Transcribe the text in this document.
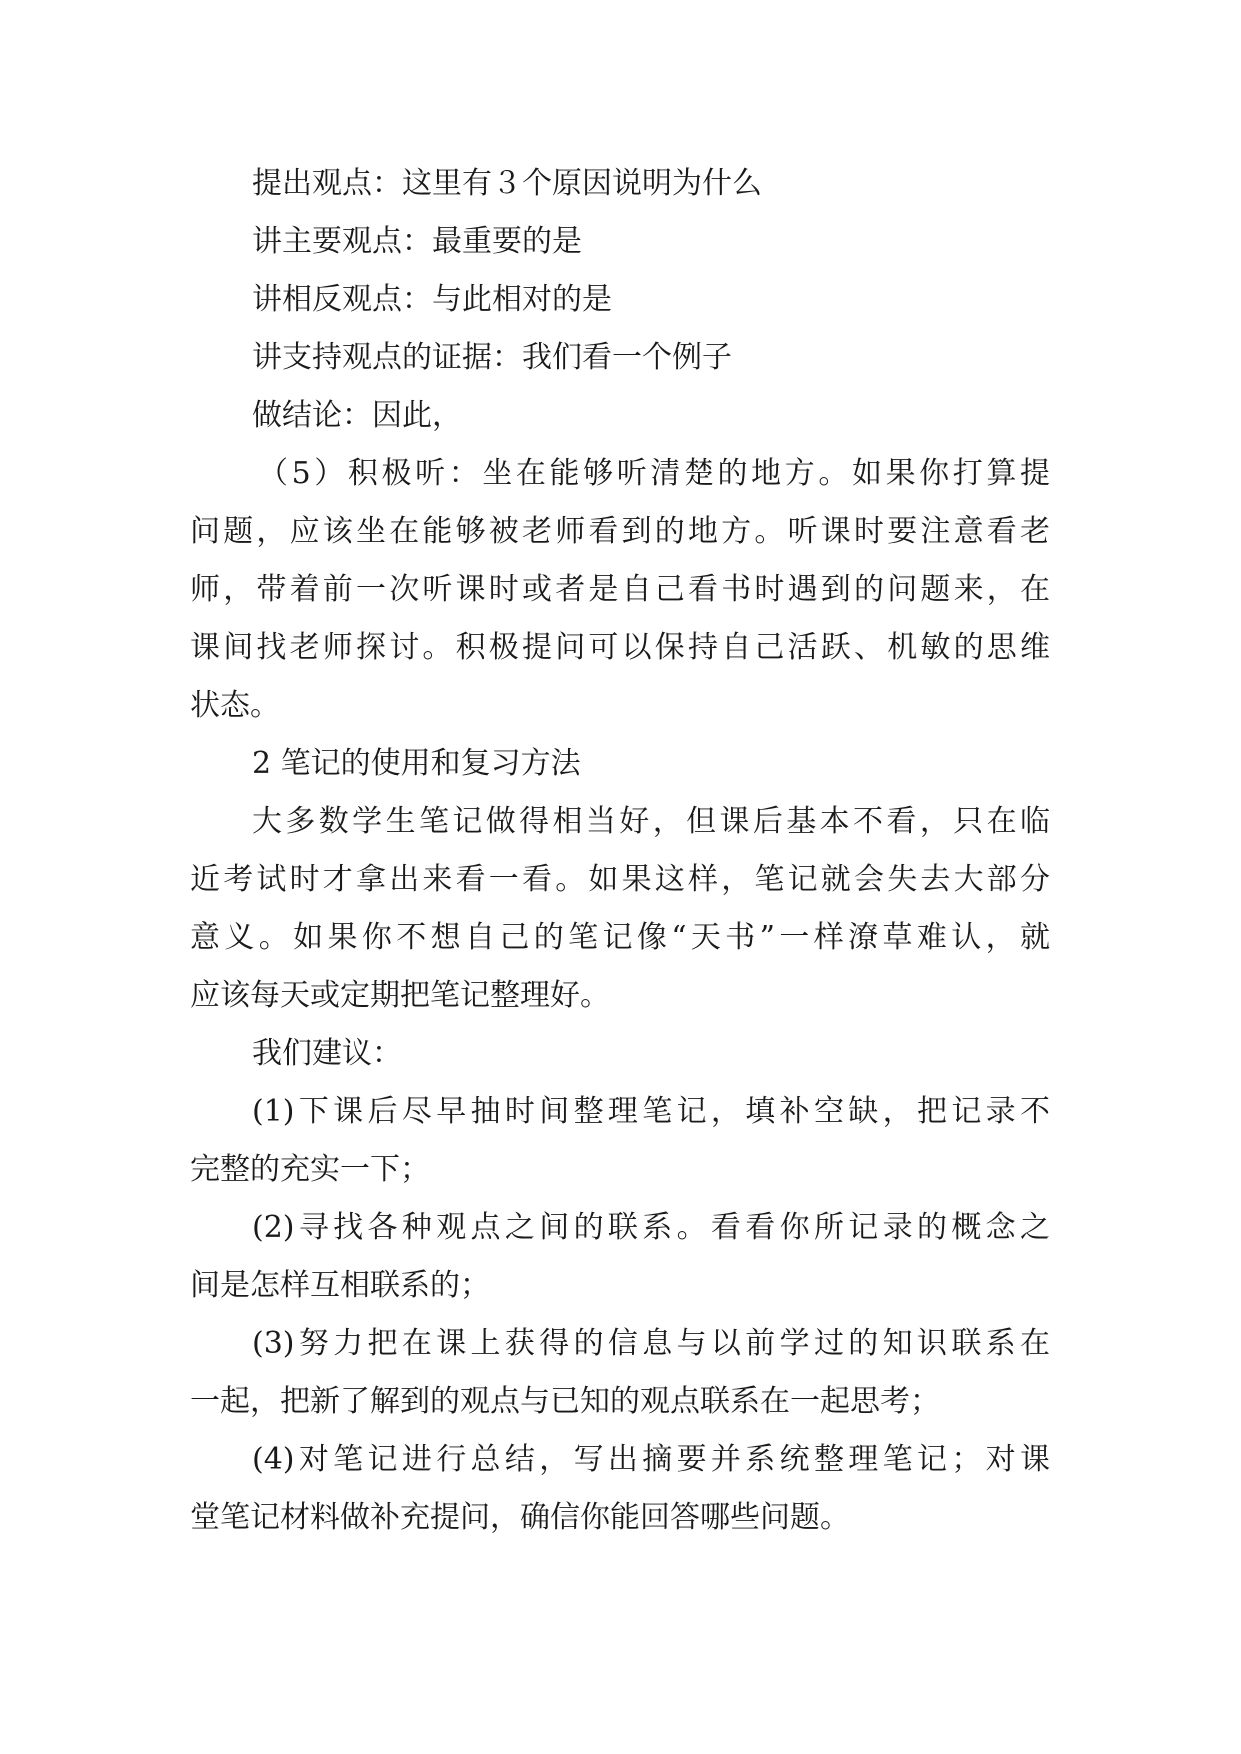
提出观点：这里有３个原因说明为什么
讲主要观点：最重要的是
讲相反观点：与此相对的是
讲支持观点的证据：我们看一个例子
做结论：因此，
（5）积极听：坐在能够听清楚的地方。如果你打算提
问题，应该坐在能够被老师看到的地方。听课时要注意看老
师，带着前一次听课时或者是自己看书时遇到的问题来，在
课间找老师探讨。积极提问可以保持自己活跃、机敏的思维
状态。
2 笔记的使用和复习方法
大多数学生笔记做得相当好，但课后基本不看，只在临
近考试时才拿出来看一看。如果这样，笔记就会失去大部分
意义。如果你不想自己的笔记像“天书”一样潦草难认，就
应该每天或定期把笔记整理好。
我们建议：
(1)下课后尽早抽时间整理笔记，填补空缺，把记录不
完整的充实一下；
(2)寻找各种观点之间的联系。看看你所记录的概念之
间是怎样互相联系的；
(3)努力把在课上获得的信息与以前学过的知识联系在
一起，把新了解到的观点与已知的观点联系在一起思考；
(4)对笔记进行总结，写出摘要并系统整理笔记；对课
堂笔记材料做补充提问，确信你能回答哪些问题。
